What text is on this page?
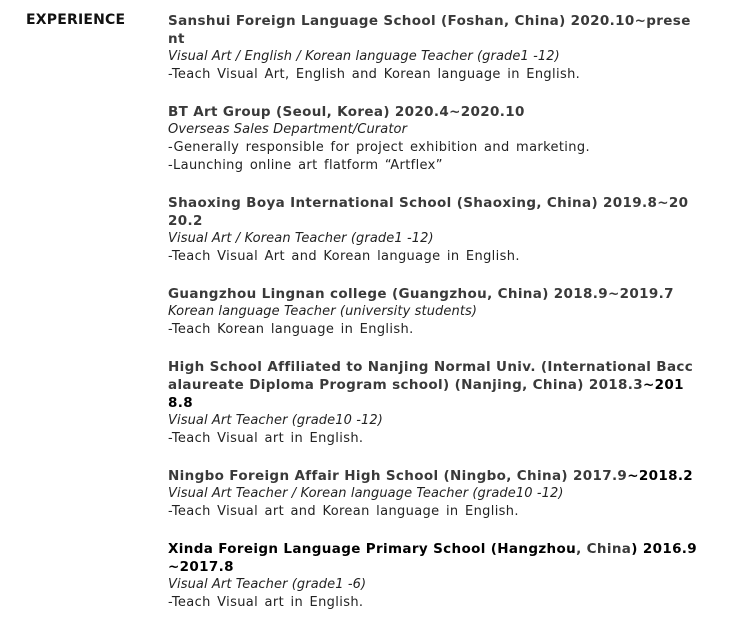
EXPERIENCE	Sanshui Foreign Language School (Foshan, China) 2020.10~present
Visual Art / English / Korean language Teacher (grade1 -12)
-Teach Visual Art, English and Korean language in English.
BT Art Group (Seoul, Korea) 2020.4~2020.10
Overseas Sales Department/Curator
-Generally responsible for project exhibition and marketing.
-Launching online art flatform “Artflex”
Shaoxing Boya International School (Shaoxing, China) 2019.8~2020.2
Visual Art / Korean Teacher (grade1 -12)
-Teach Visual Art and Korean language in English.
Guangzhou Lingnan college (Guangzhou, China) 2018.9~2019.7
Korean language Teacher (university students)
-Teach Korean language in English.
High School Affiliated to Nanjing Normal Univ. (International Baccalaureate Diploma Program school) (Nanjing, China) 2018.3~2018.8
Visual Art Teacher (grade10 -12)
-Teach Visual art in English.
Ningbo Foreign Affair High School (Ningbo, China) 2017.9~2018.2
Visual Art Teacher / Korean language Teacher (grade10 -12)
-Teach Visual art and Korean language in English.
Xinda Foreign Language Primary School (Hangzhou, China) 2016.9~2017.8
Visual Art Teacher (grade1 -6)
-Teach Visual art in English.
